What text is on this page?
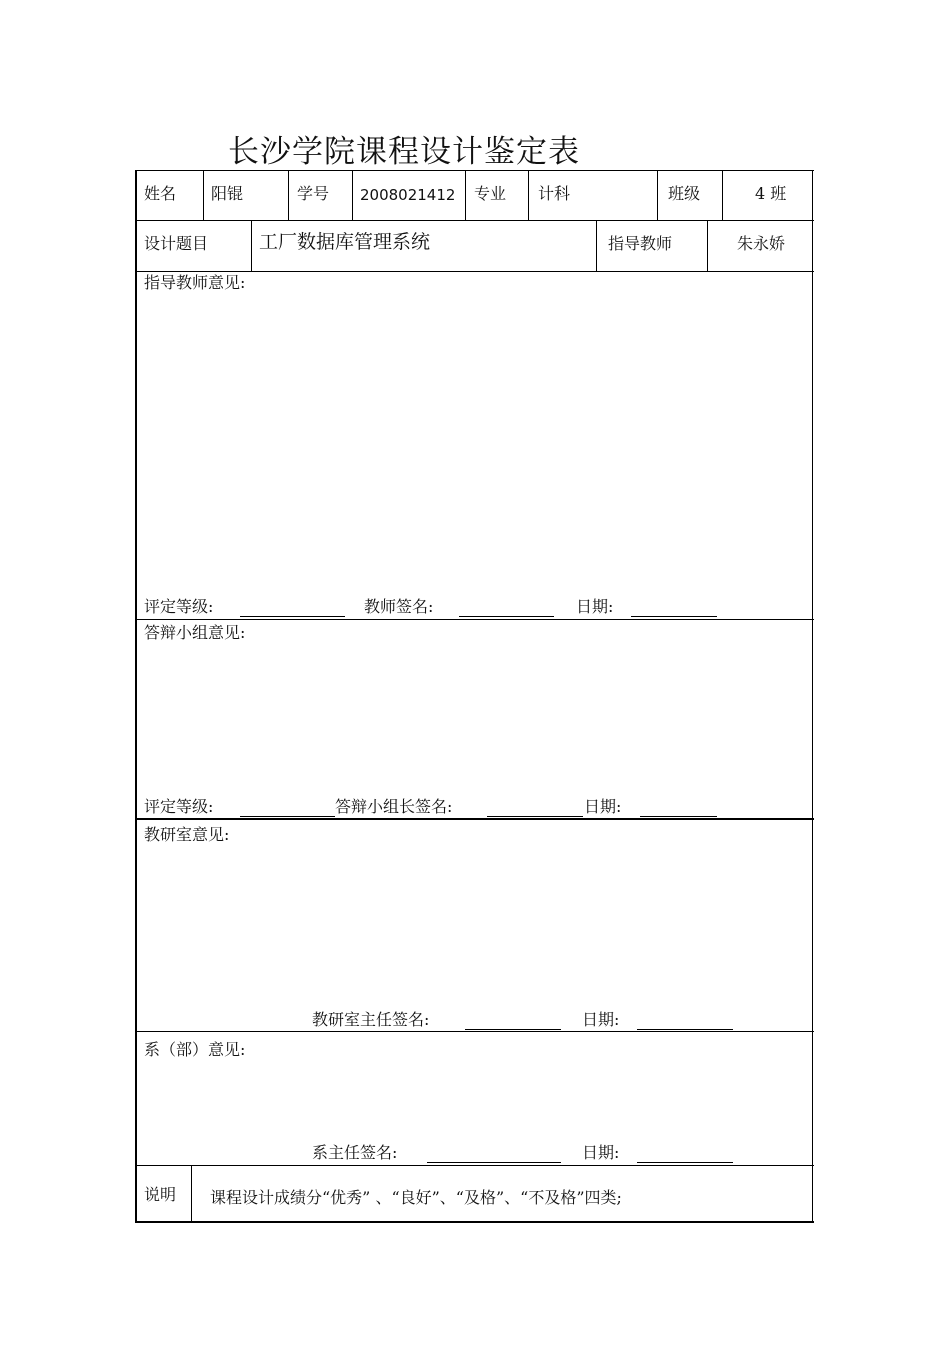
长沙学院课程设计鉴定表
姓名 阳锟	学号 2008021412 专业 计科	班级	4 班
设计题目	工厂数据库管理系统	指导教师	朱永娇
指导教师意见:
评定等级:	教师签名:	日期:
答辩小组意见:
评定等级:	答辩小组长签名:	日期:
教研室意见:
教研室主任签名:	日期:
系（部）意见:
系主任签名:	日期:
说明 课程设计成绩分“优秀” 、“良好”、“及格”、“不及格”四类;
